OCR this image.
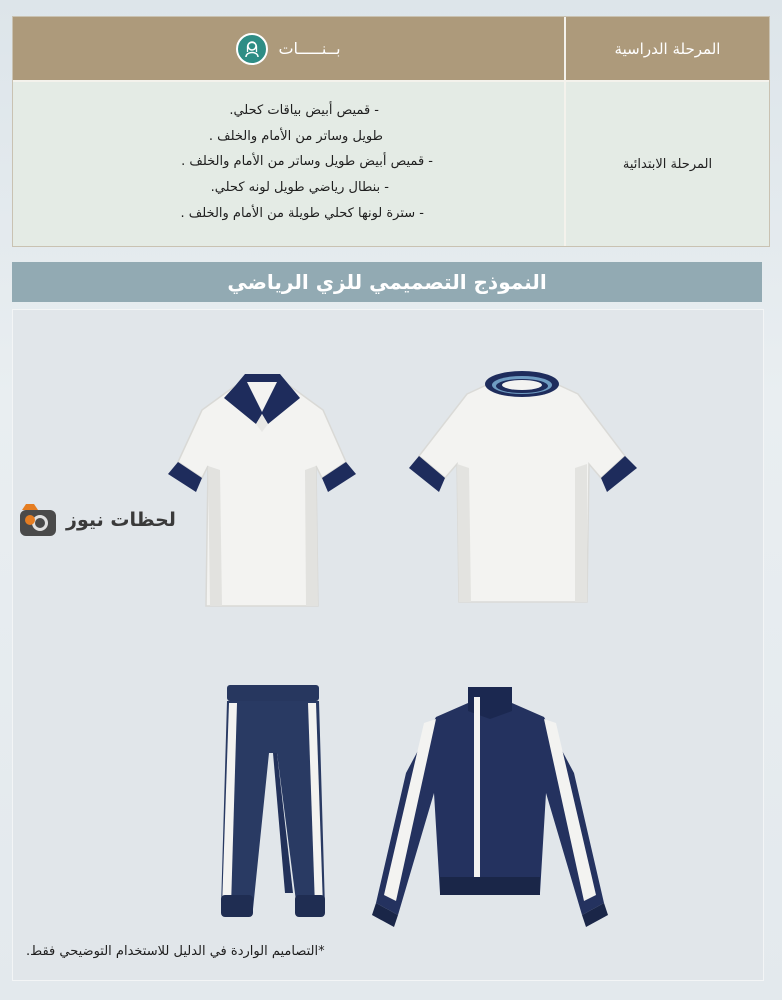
المرحلة الدراسية
بــنـــــات
المرحلة الابتدائية
- قميص أبيض بياقات كحلي.
طويل وساتر من الأمام والخلف .
- قميص أبيض طويل وساتر من الأمام والخلف .
- بنطال رياضي طويل لونه كحلي.
- سترة لونها كحلي طويلة من الأمام والخلف .
النموذج التصميمي للزي الرياضي
لحظات نيوز
*التصاميم الواردة في الدليل للاستخدام التوضيحي فقط.
